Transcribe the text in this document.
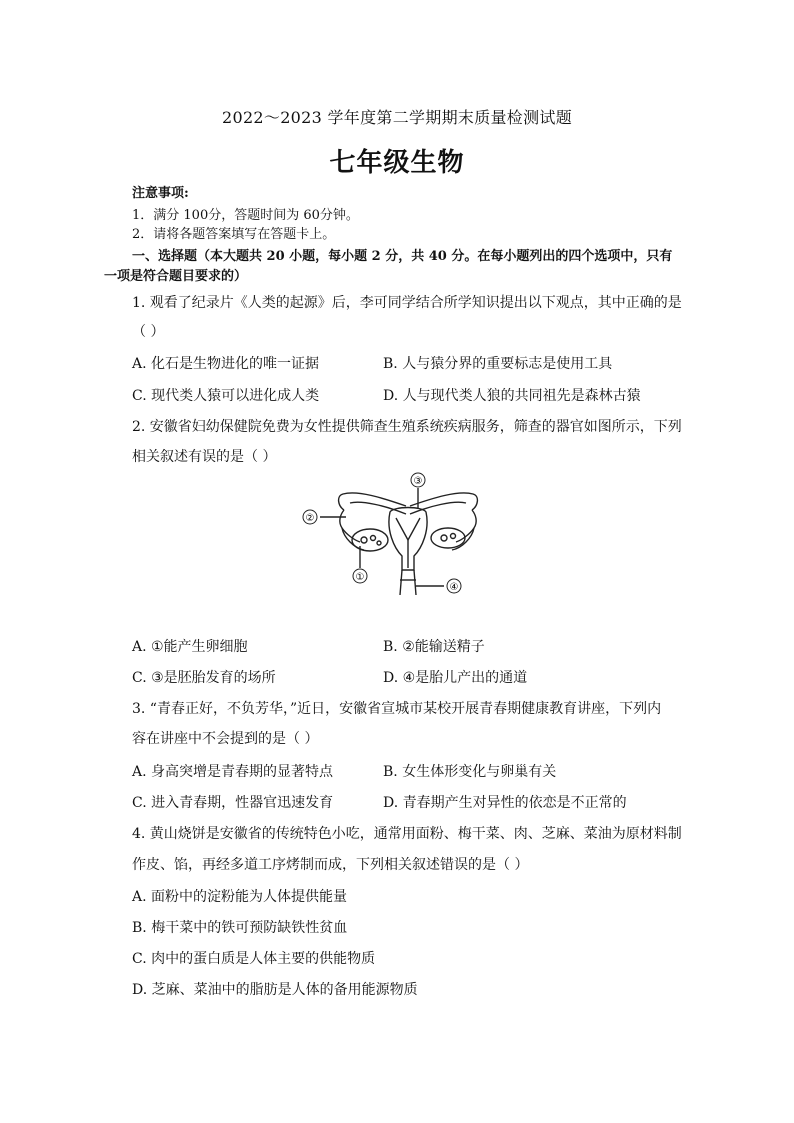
2022～2023 学年度第二学期期末质量检测试题
七年级生物
注意事项:
1．满分 100分，答题时间为 60分钟。
2．请将各题答案填写在答题卡上。
一、选择题（本大题共 20 小题，每小题 2 分，共 40 分。在每小题列出的四个选项中，只有
一项是符合题目要求的）
1. 观看了纪录片《人类的起源》后，李可同学结合所学知识提出以下观点，其中正确的是
（ ）
A. 化石是生物进化的唯一证据	B. 人与猿分界的重要标志是使用工具
C. 现代类人猿可以进化成人类	D. 人与现代类人狼的共同祖先是森林古猿
2. 安徽省妇幼保健院免费为女性提供筛查生殖系统疾病服务，筛查的器官如图所示，下列
相关叙述有误的是（ ）
③
②
①
④
A. ①能产生卵细胞	B. ②能输送精子
C. ③是胚胎发育的场所	D. ④是胎儿产出的通道
3. “青春正好，不负芳华，”近日，安徽省宣城市某校开展青春期健康教育讲座，下列内
容在讲座中不会提到的是（ ）
A. 身高突增是青春期的显著特点	B. 女生体形变化与卵巢有关
C. 进入青春期，性器官迅速发育	D. 青春期产生对异性的依恋是不正常的
4. 黄山烧饼是安徽省的传统特色小吃，通常用面粉、梅干菜、肉、芝麻、菜油为原材料制
作皮、馅，再经多道工序烤制而成，下列相关叙述错误的是（ ）
A. 面粉中的淀粉能为人体提供能量
B. 梅干菜中的铁可预防缺铁性贫血
C. 肉中的蛋白质是人体主要的供能物质
D. 芝麻、菜油中的脂肪是人体的备用能源物质
